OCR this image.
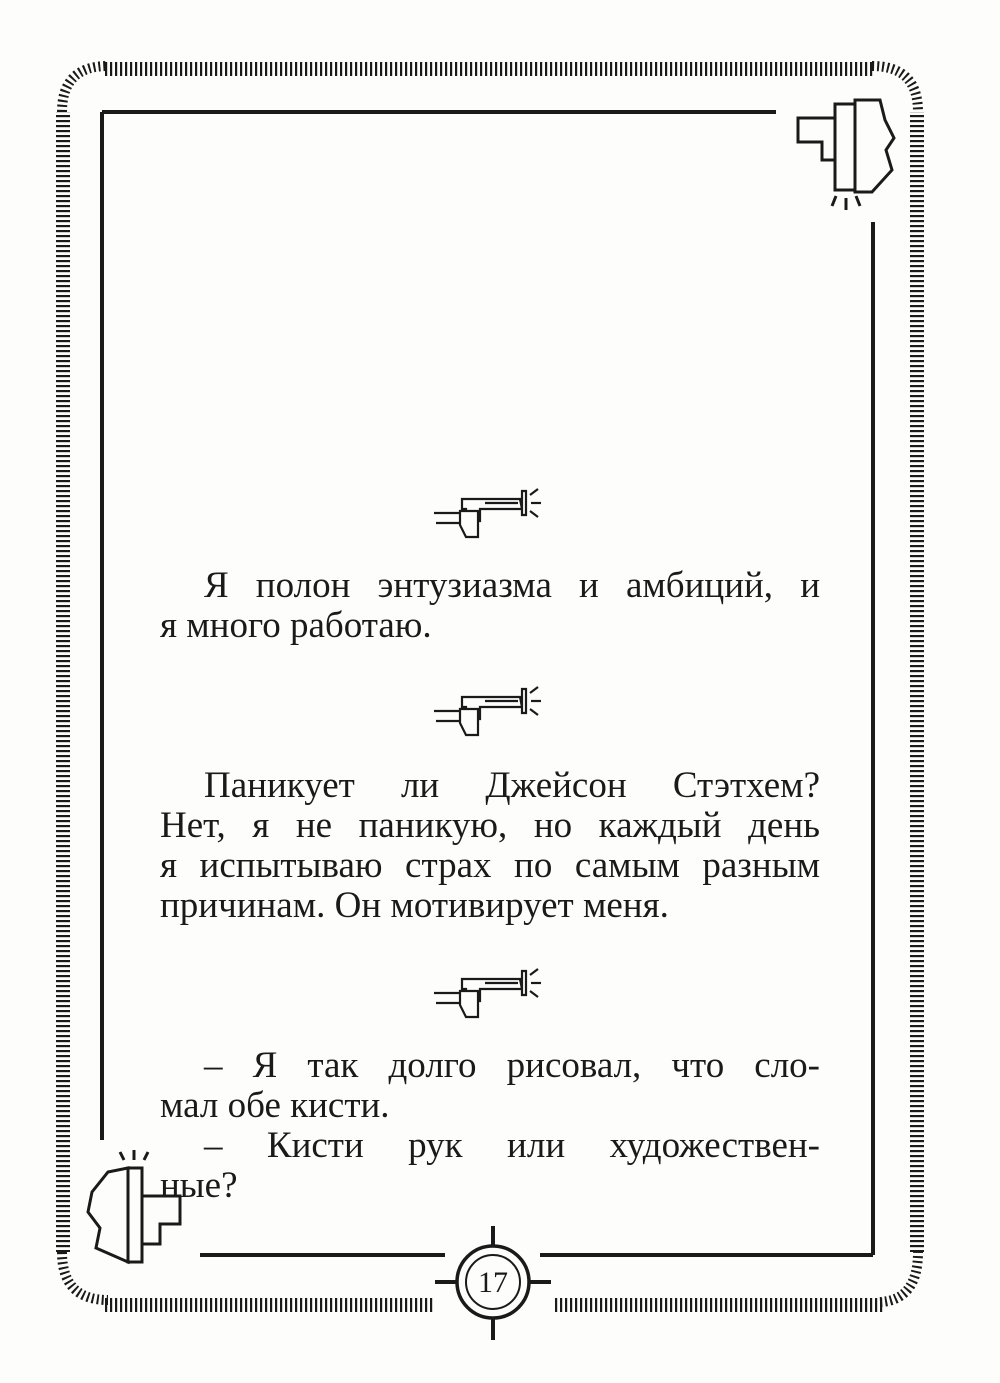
Я полон энтузиазма и амбиций, и
я много работаю.
Паникует ли Джейсон Стэтхем?
Нет, я не паникую, но каждый день
я испытываю страх по самым разным
причинам. Он мотивирует меня.
– Я так долго рисовал, что сло-
мал обе кисти.
– Кисти рук или художествен-
ные?
17
